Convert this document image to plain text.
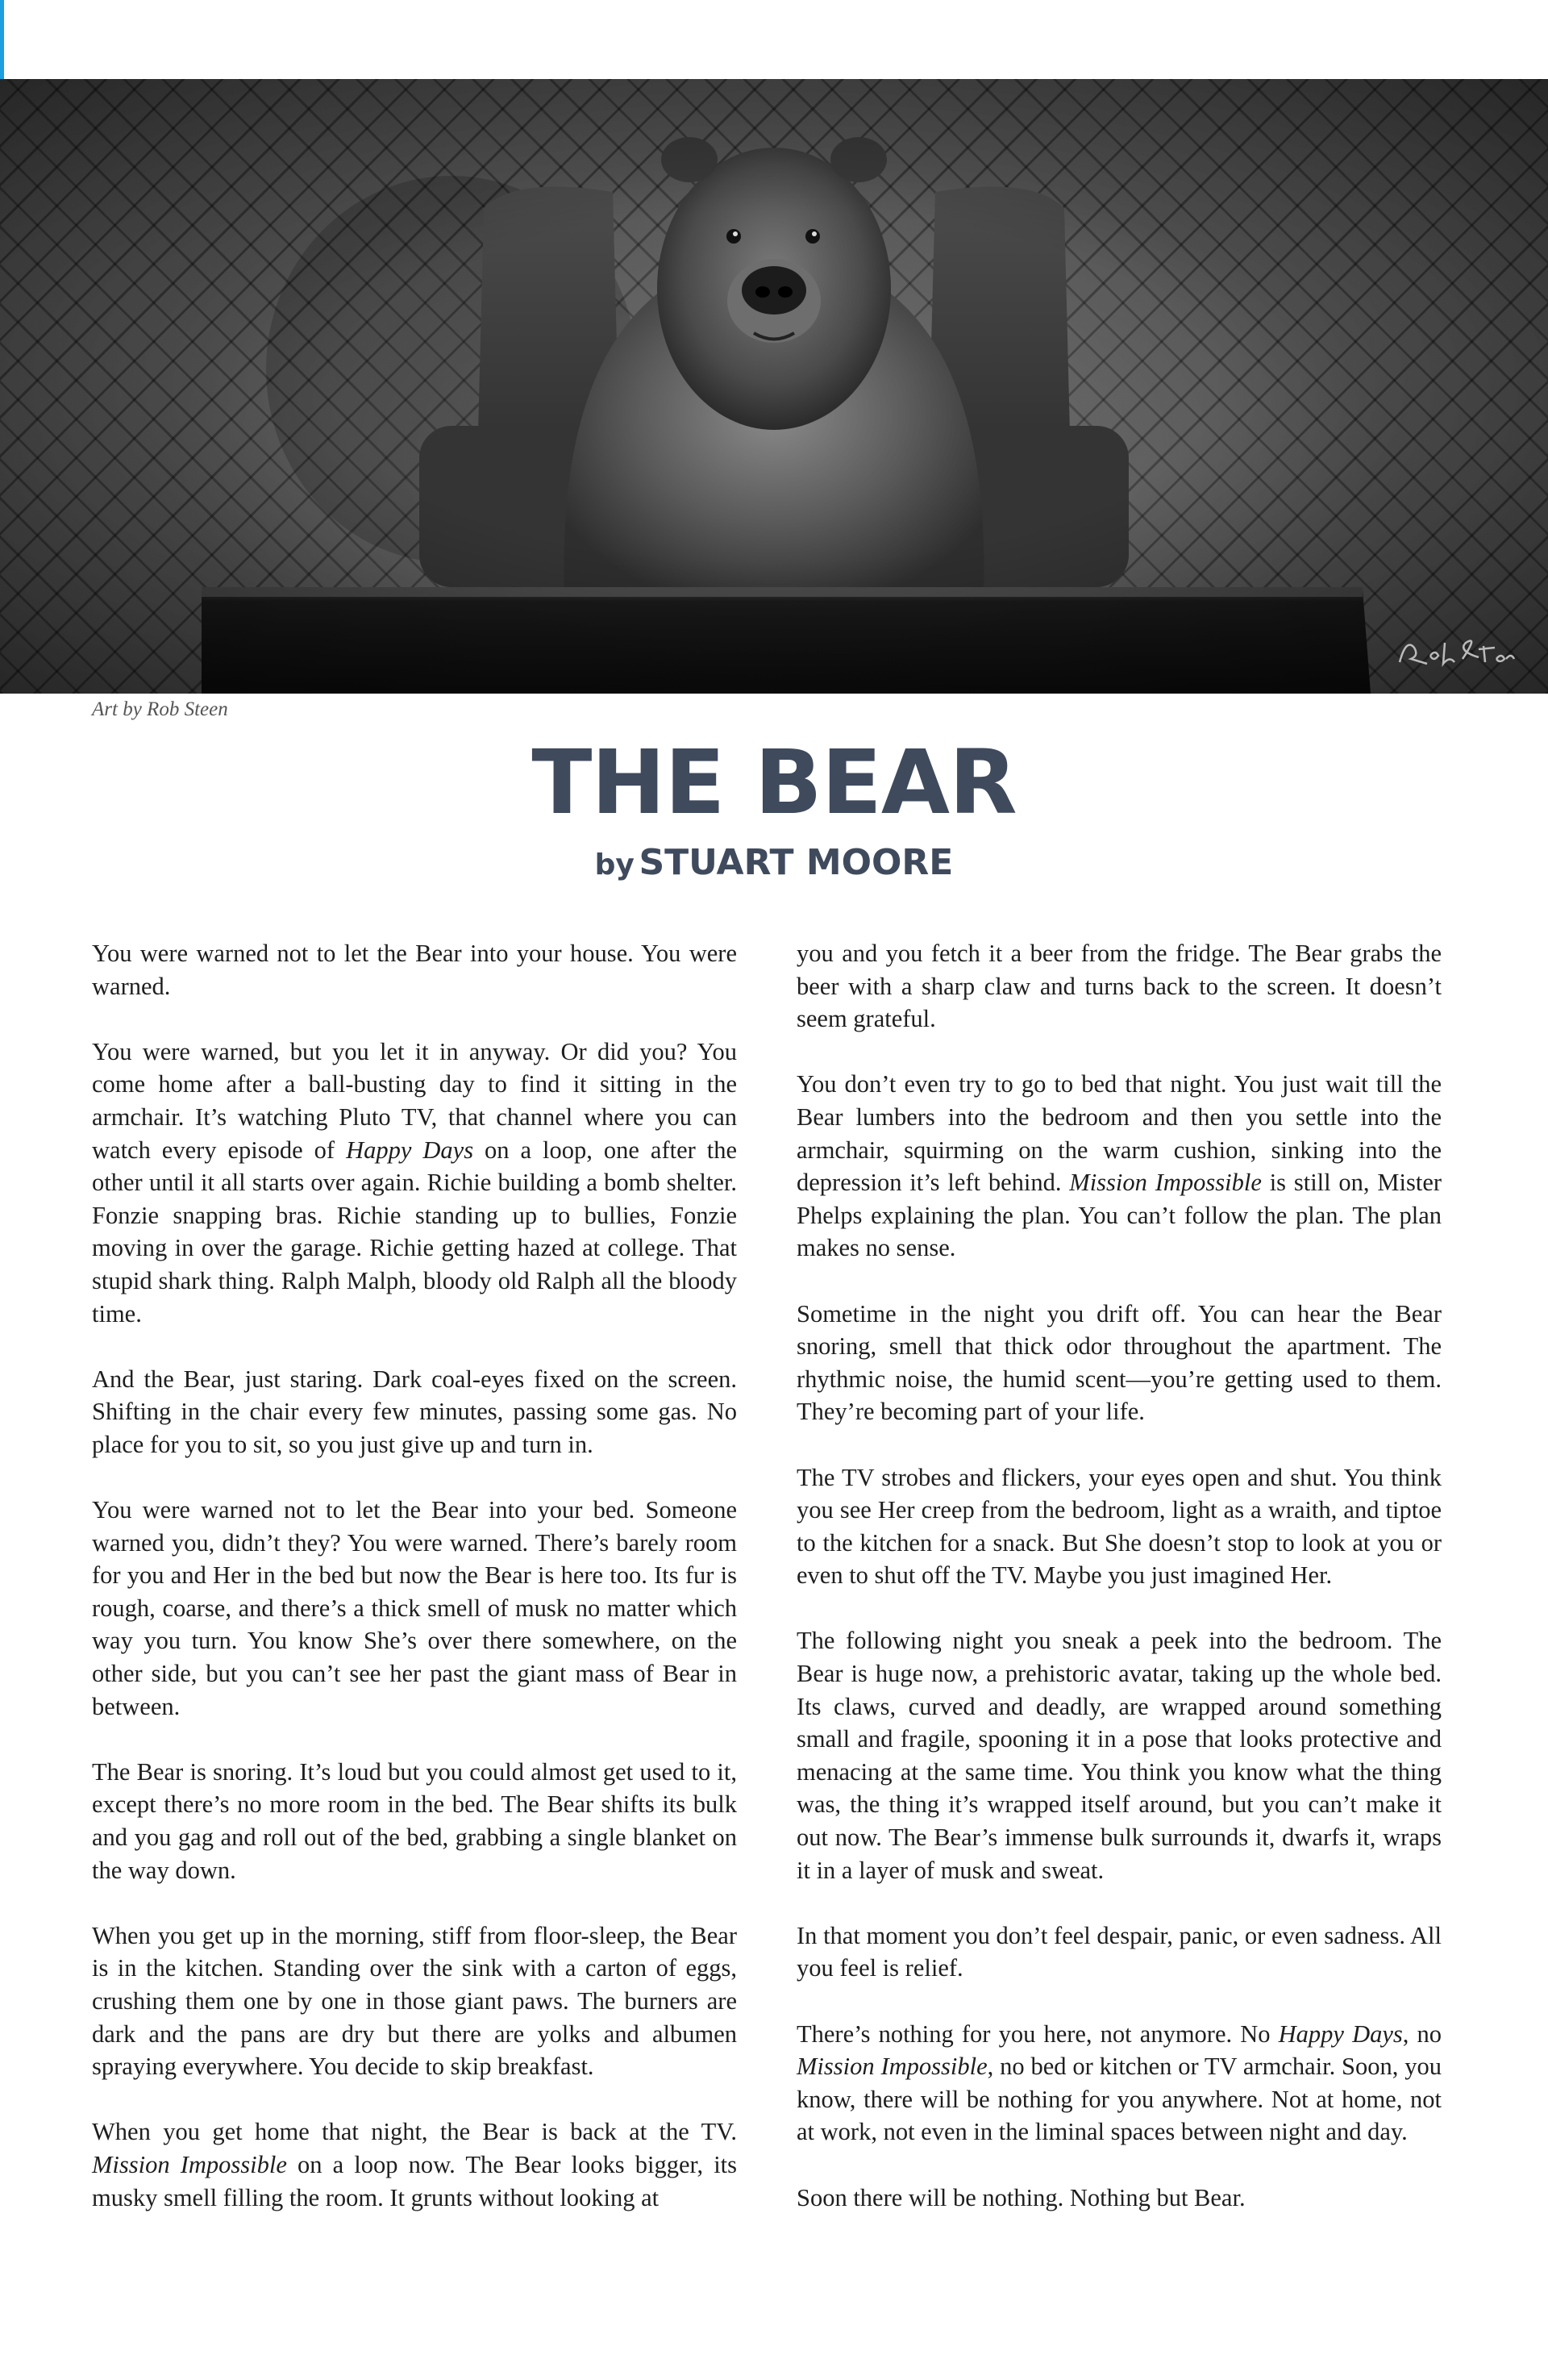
Art by Rob Steen
THE BEAR
by STUART MOORE

You were warned not to let the Bear into your house. You were warned.

You were warned, but you let it in anyway. Or did you? You come home after a ball-busting day to find it sitting in the armchair. It’s watching Pluto TV, that channel where you can watch every episode of Happy Days on a loop, one after the other until it all starts over again. Richie building a bomb shelter. Fonzie snapping bras. Richie standing up to bullies, Fonzie moving in over the garage. Richie getting hazed at college. That stupid shark thing. Ralph Malph, bloody old Ralph all the bloody time.

And the Bear, just staring. Dark coal-eyes fixed on the screen. Shifting in the chair every few minutes, passing some gas. No place for you to sit, so you just give up and turn in.

You were warned not to let the Bear into your bed. Someone warned you, didn’t they? You were warned. There’s barely room for you and Her in the bed but now the Bear is here too. Its fur is rough, coarse, and there’s a thick smell of musk no matter which way you turn. You know She’s over there somewhere, on the other side, but you can’t see her past the giant mass of Bear in between.

The Bear is snoring. It’s loud but you could almost get used to it, except there’s no more room in the bed. The Bear shifts its bulk and you gag and roll out of the bed, grabbing a single blanket on the way down.

When you get up in the morning, stiff from floor-sleep, the Bear is in the kitchen. Standing over the sink with a carton of eggs, crushing them one by one in those giant paws. The burners are dark and the pans are dry but there are yolks and albumen spraying everywhere. You decide to skip breakfast.

When you get home that night, the Bear is back at the TV. Mission Impossible on a loop now. The Bear looks bigger, its musky smell filling the room. It grunts without looking at

you and you fetch it a beer from the fridge. The Bear grabs the beer with a sharp claw and turns back to the screen. It doesn’t seem grateful.

You don’t even try to go to bed that night. You just wait till the Bear lumbers into the bedroom and then you settle into the armchair, squirming on the warm cushion, sinking into the depression it’s left behind. Mission Impossible is still on, Mister Phelps explaining the plan. You can’t follow the plan. The plan makes no sense.

Sometime in the night you drift off. You can hear the Bear snoring, smell that thick odor throughout the apartment. The rhythmic noise, the humid scent—you’re getting used to them. They’re becoming part of your life.

The TV strobes and flickers, your eyes open and shut. You think you see Her creep from the bedroom, light as a wraith, and tiptoe to the kitchen for a snack. But She doesn’t stop to look at you or even to shut off the TV. Maybe you just imagined Her.

The following night you sneak a peek into the bedroom. The Bear is huge now, a prehistoric avatar, taking up the whole bed. Its claws, curved and deadly, are wrapped around something small and fragile, spooning it in a pose that looks protective and menacing at the same time. You think you know what the thing was, the thing it’s wrapped itself around, but you can’t make it out now. The Bear’s immense bulk surrounds it, dwarfs it, wraps it in a layer of musk and sweat.

In that moment you don’t feel despair, panic, or even sadness. All you feel is relief.

There’s nothing for you here, not anymore. No Happy Days, no Mission Impossible, no bed or kitchen or TV armchair. Soon, you know, there will be nothing for you anywhere. Not at home, not at work, not even in the liminal spaces between night and day.

Soon there will be nothing. Nothing but Bear.
